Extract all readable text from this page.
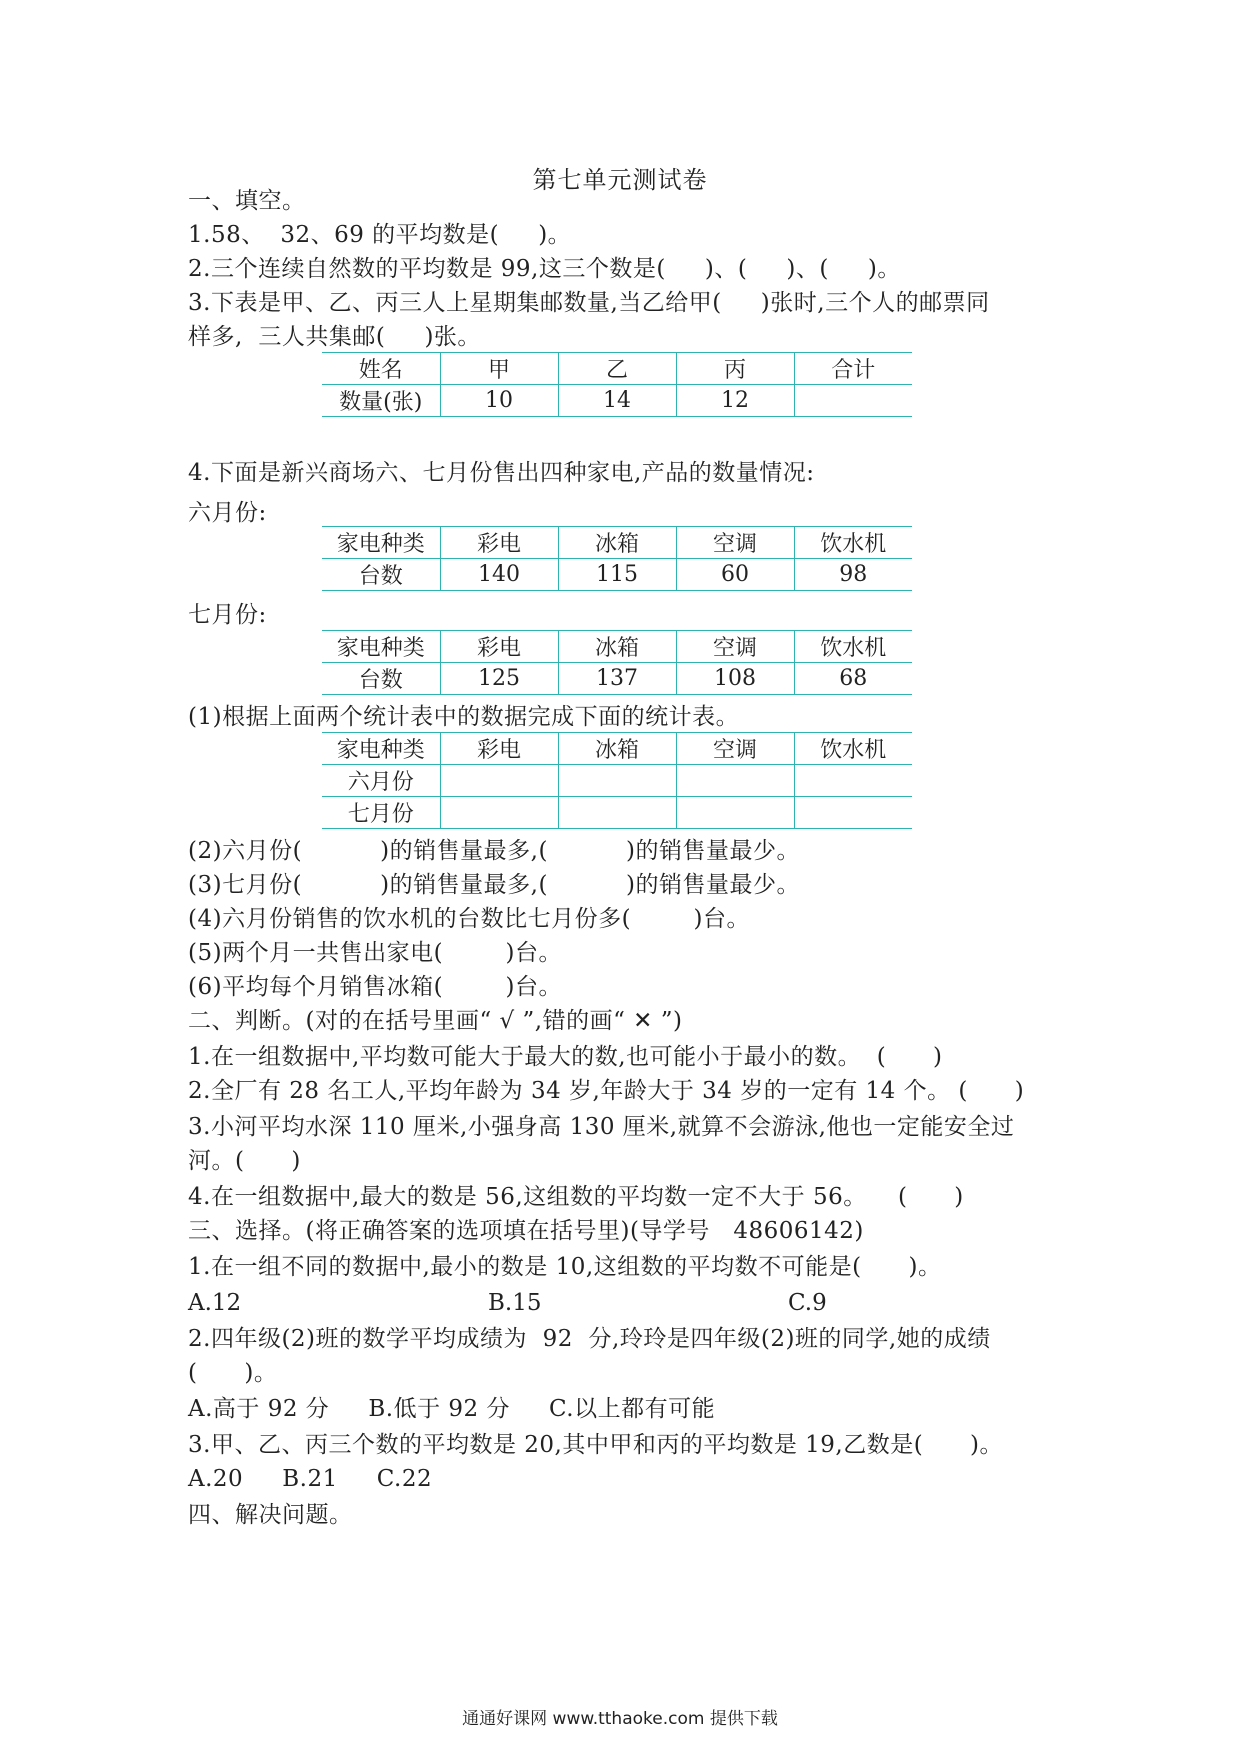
第七单元测试卷
一、填空。
1.58、  32、69 的平均数是(     )。
2.三个连续自然数的平均数是 99,这三个数是(     )、(     )、(     )。
3.下表是甲、乙、丙三人上星期集邮数量,当乙给甲(     )张时,三个人的邮票同
样多,  三人共集邮(     )张。
姓名	甲	乙	丙	合计
数量(张)	10	14	12	
4.下面是新兴商场六、七月份售出四种家电,产品的数量情况:
六月份:
家电种类	彩电	冰箱	空调	饮水机
台数	140	115	60	98
七月份:
家电种类	彩电	冰箱	空调	饮水机
台数	125	137	108	68
(1)根据上面两个统计表中的数据完成下面的统计表。
家电种类	彩电	冰箱	空调	饮水机
六月份				
七月份				
(2)六月份(          )的销售量最多,(          )的销售量最少。
(3)七月份(          )的销售量最多,(          )的销售量最少。
(4)六月份销售的饮水机的台数比七月份多(        )台。
(5)两个月一共售出家电(        )台。
(6)平均每个月销售冰箱(        )台。
二、判断。(对的在括号里画“ √ ”,错的画“ ✕ ”)
1.在一组数据中,平均数可能大于最大的数,也可能小于最小的数。  (      )
2.全厂有 28 名工人,平均年龄为 34 岁,年龄大于 34 岁的一定有 14 个。 (      )
3.小河平均水深 110 厘米,小强身高 130 厘米,就算不会游泳,他也一定能安全过
河。(      )
4.在一组数据中,最大的数是 56,这组数的平均数一定不大于 56。    (      )
三、选择。(将正确答案的选项填在括号里)(导学号   48606142)
1.在一组不同的数据中,最小的数是 10,这组数的平均数不可能是(      )。
A.12	B.15	C.9
2.四年级(2)班的数学平均成绩为  92  分,玲玲是四年级(2)班的同学,她的成绩
(      )。
A.高于 92 分     B.低于 92 分     C.以上都有可能
3.甲、乙、丙三个数的平均数是 20,其中甲和丙的平均数是 19,乙数是(      )。
A.20     B.21     C.22
四、解决问题。
通通好课网 www.tthaoke.com 提供下载
